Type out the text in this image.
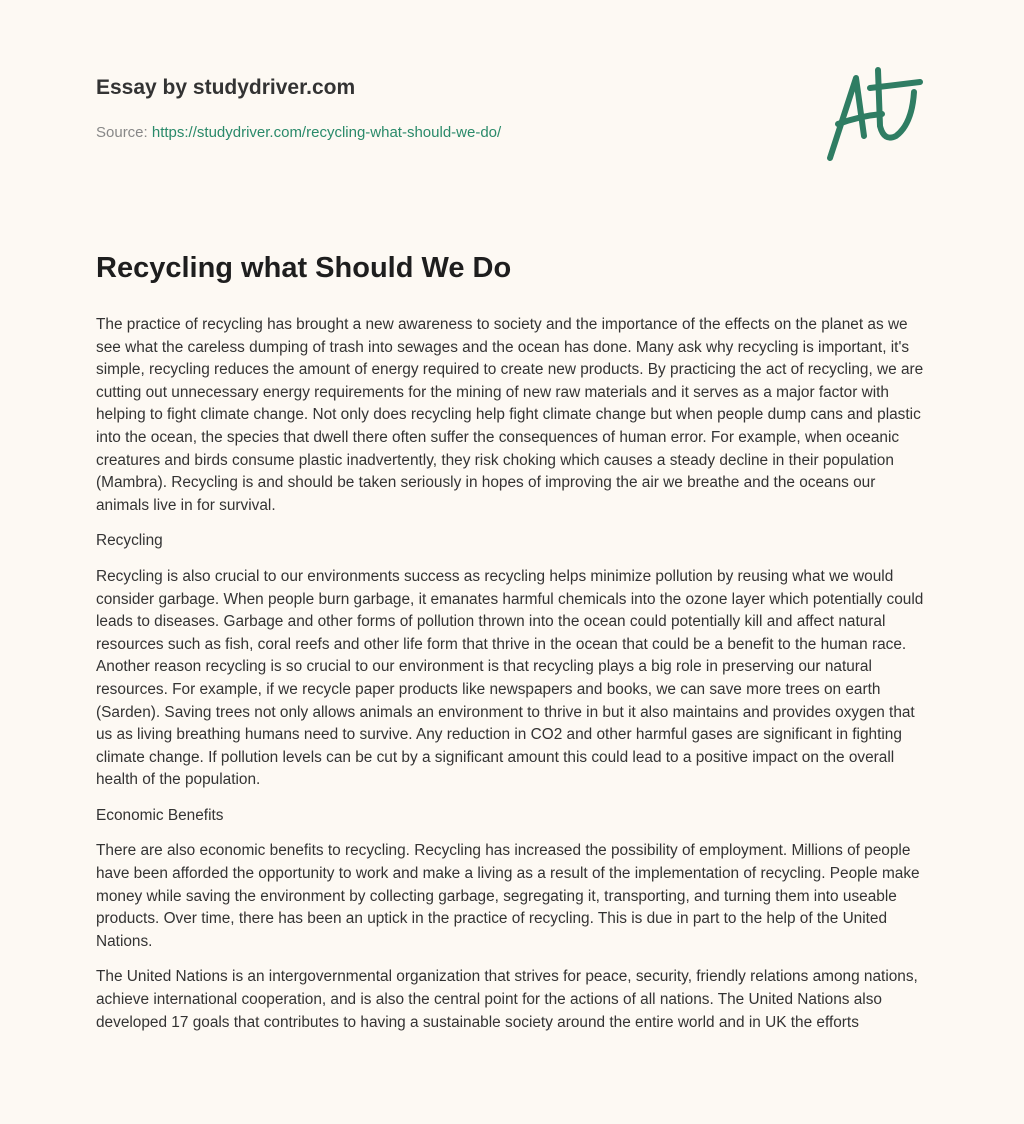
Essay by studydriver.com
Source: https://studydriver.com/recycling-what-should-we-do/
Recycling what Should We Do

The practice of recycling has brought a new awareness to society and the importance of the effects on the planet as we see what the careless dumping of trash into sewages and the ocean has done. Many ask why recycling is important, it's simple, recycling reduces the amount of energy required to create new products. By practicing the act of recycling, we are cutting out unnecessary energy requirements for the mining of new raw materials and it serves as a major factor with helping to fight climate change. Not only does recycling help fight climate change but when people dump cans and plastic into the ocean, the species that dwell there often suffer the consequences of human error. For example, when oceanic creatures and birds consume plastic inadvertently, they risk choking which causes a steady decline in their population (Mambra). Recycling is and should be taken seriously in hopes of improving the air we breathe and the oceans our animals live in for survival.

Recycling

Recycling is also crucial to our environments success as recycling helps minimize pollution by reusing what we would consider garbage. When people burn garbage, it emanates harmful chemicals into the ozone layer which potentially could leads to diseases. Garbage and other forms of pollution thrown into the ocean could potentially kill and affect natural resources such as fish, coral reefs and other life form that thrive in the ocean that could be a benefit to the human race. Another reason recycling is so crucial to our environment is that recycling plays a big role in preserving our natural resources. For example, if we recycle paper products like newspapers and books, we can save more trees on earth (Sarden). Saving trees not only allows animals an environment to thrive in but it also maintains and provides oxygen that us as living breathing humans need to survive. Any reduction in CO2 and other harmful gases are significant in fighting climate change. If pollution levels can be cut by a significant amount this could lead to a positive impact on the overall health of the population.

Economic Benefits

There are also economic benefits to recycling. Recycling has increased the possibility of employment. Millions of people have been afforded the opportunity to work and make a living as a result of the implementation of recycling. People make money while saving the environment by collecting garbage, segregating it, transporting, and turning them into useable products. Over time, there has been an uptick in the practice of recycling. This is due in part to the help of the United Nations.

The United Nations is an intergovernmental organization that strives for peace, security, friendly relations among nations, achieve international cooperation, and is also the central point for the actions of all nations. The United Nations also developed 17 goals that contributes to having a sustainable society around the entire world and in UK the efforts
